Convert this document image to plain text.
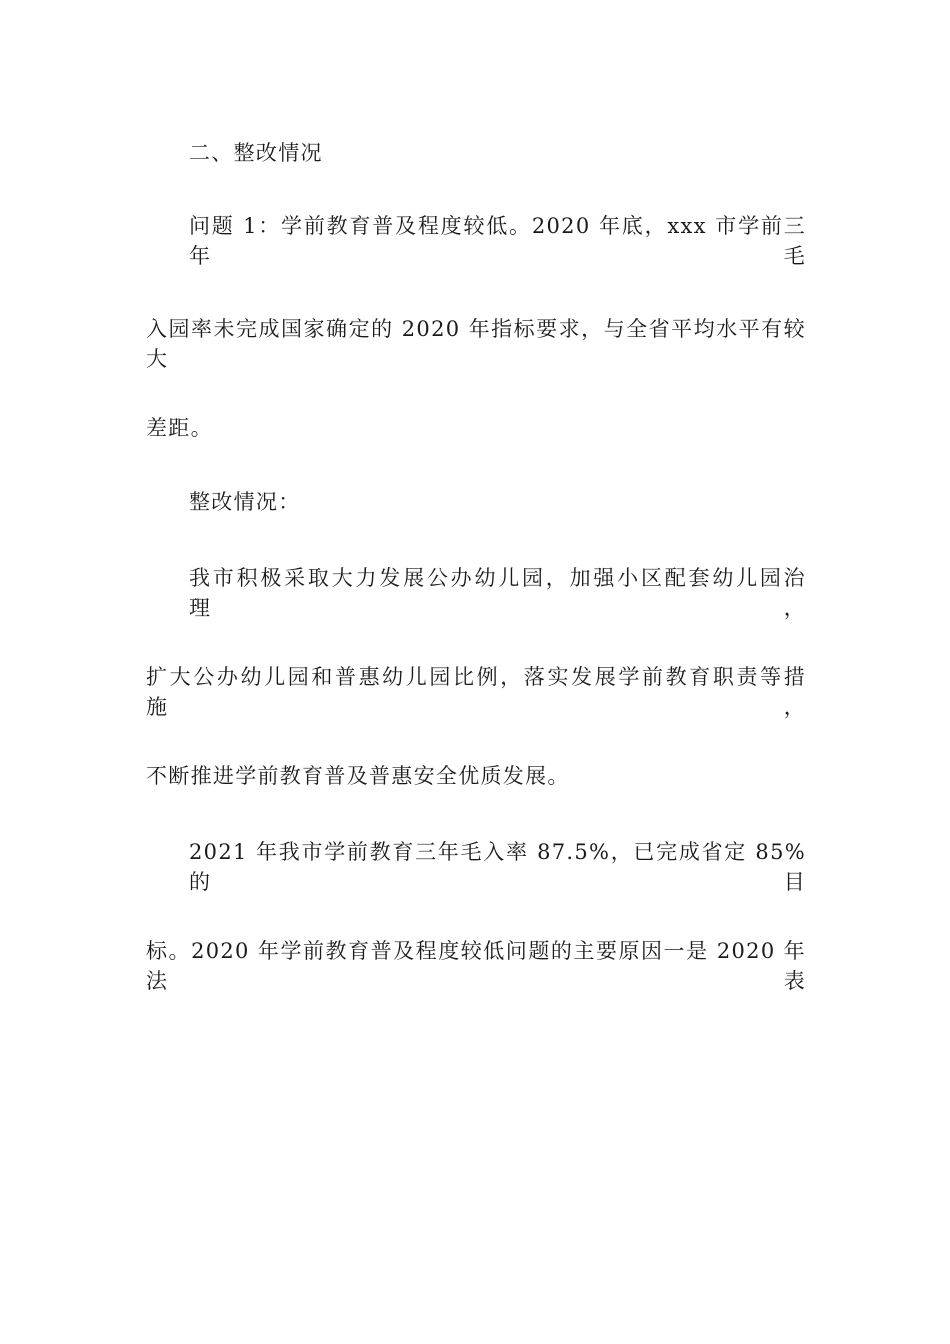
二、整改情况
问题 1：学前教育普及程度较低。2020 年底，xxx 市学前三年毛
入园率未完成国家确定的 2020 年指标要求，与全省平均水平有较大
差距。
整改情况：
我市积极采取大力发展公办幼儿园，加强小区配套幼儿园治理，
扩大公办幼儿园和普惠幼儿园比例，落实发展学前教育职责等措施，
不断推进学前教育普及普惠安全优质发展。
2021 年我市学前教育三年毛入率 87.5%，已完成省定 85%的目
标。2020 年学前教育普及程度较低问题的主要原因一是 2020 年法表
